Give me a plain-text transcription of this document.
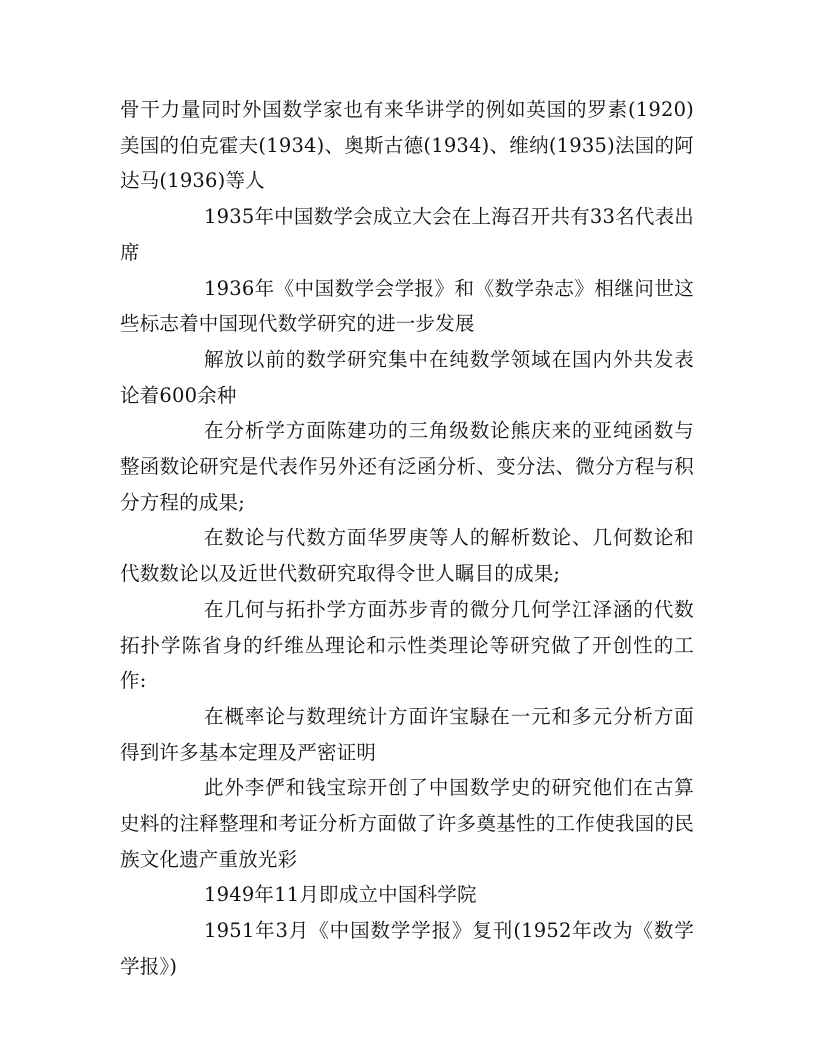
骨干力量同时外国数学家也有来华讲学的例如英国的罗素(1920)美国的伯克霍夫(1934)、奥斯古德(1934)、维纳(1935)法国的阿达马(1936)等人

1935年中国数学会成立大会在上海召开共有33名代表出席

1936年《中国数学会学报》和《数学杂志》相继问世这些标志着中国现代数学研究的进一步发展

解放以前的数学研究集中在纯数学领域在国内外共发表论着600余种

在分析学方面陈建功的三角级数论熊庆来的亚纯函数与整函数论研究是代表作另外还有泛函分析、变分法、微分方程与积分方程的成果;

在数论与代数方面华罗庚等人的解析数论、几何数论和代数数论以及近世代数研究取得令世人瞩目的成果;

在几何与拓扑学方面苏步青的微分几何学江泽涵的代数拓扑学陈省身的纤维丛理论和示性类理论等研究做了开创性的工作:

在概率论与数理统计方面许宝騄在一元和多元分析方面得到许多基本定理及严密证明

此外李俨和钱宝琮开创了中国数学史的研究他们在古算史料的注释整理和考证分析方面做了许多奠基性的工作使我国的民族文化遗产重放光彩

1949年11月即成立中国科学院

1951年3月《中国数学学报》复刊(1952年改为《数学学报》)
